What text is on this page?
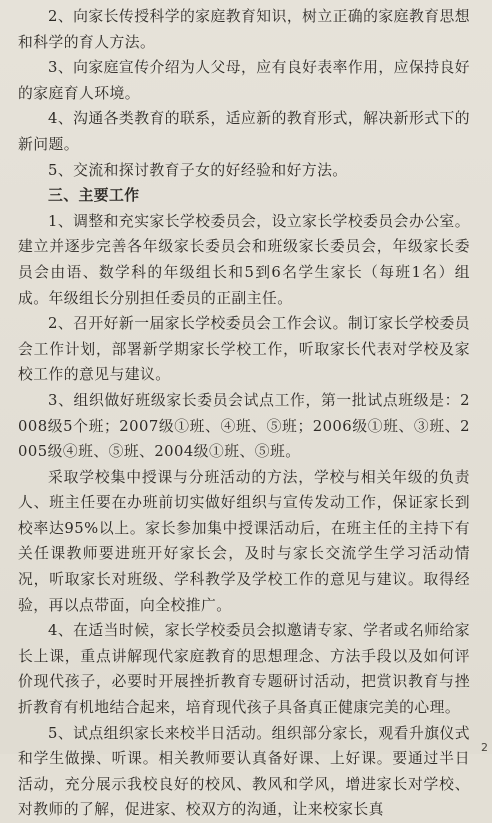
2、向家长传授科学的家庭教育知识，树立正确的家庭教育思想和科学的育人方法。

3、向家庭宣传介绍为人父母，应有良好表率作用，应保持良好的家庭育人环境。

4、沟通各类教育的联系，适应新的教育形式，解决新形式下的新问题。

5、交流和探讨教育子女的好经验和好方法。

三、主要工作

1、调整和充实家长学校委员会，设立家长学校委员会办公室。建立并逐步完善各年级家长委员会和班级家长委员会，年级家长委员会由语、数学科的年级组长和5到6名学生家长（每班1名）组成。年级组长分别担任委员的正副主任。

2、召开好新一届家长学校委员会工作会议。制订家长学校委员会工作计划，部署新学期家长学校工作，听取家长代表对学校及家校工作的意见与建议。

3、组织做好班级家长委员会试点工作，第一批试点班级是：2008级5个班；2007级①班、④班、⑤班；2006级①班、③班、2005级④班、⑤班、2004级①班、⑤班。

采取学校集中授课与分班活动的方法，学校与相关年级的负责人、班主任要在办班前切实做好组织与宣传发动工作，保证家长到校率达95%以上。家长参加集中授课活动后，在班主任的主持下有关任课教师要进班开好家长会，及时与家长交流学生学习活动情况，听取家长对班级、学科教学及学校工作的意见与建议。取得经验，再以点带面，向全校推广。

4、在适当时候，家长学校委员会拟邀请专家、学者或名师给家长上课，重点讲解现代家庭教育的思想理念、方法手段以及如何评价现代孩子，必要时开展挫折教育专题研讨活动，把赏识教育与挫折教育有机地结合起来，培育现代孩子具备真正健康完美的心理。

5、试点组织家长来校半日活动。组织部分家长，观看升旗仪式和学生做操、听课。相关教师要认真备好课、上好课。要通过半日活动，充分展示我校良好的校风、教风和学风，增进家长对学校、对教师的了解，促进家、校双方的沟通，让来校家长真

2
